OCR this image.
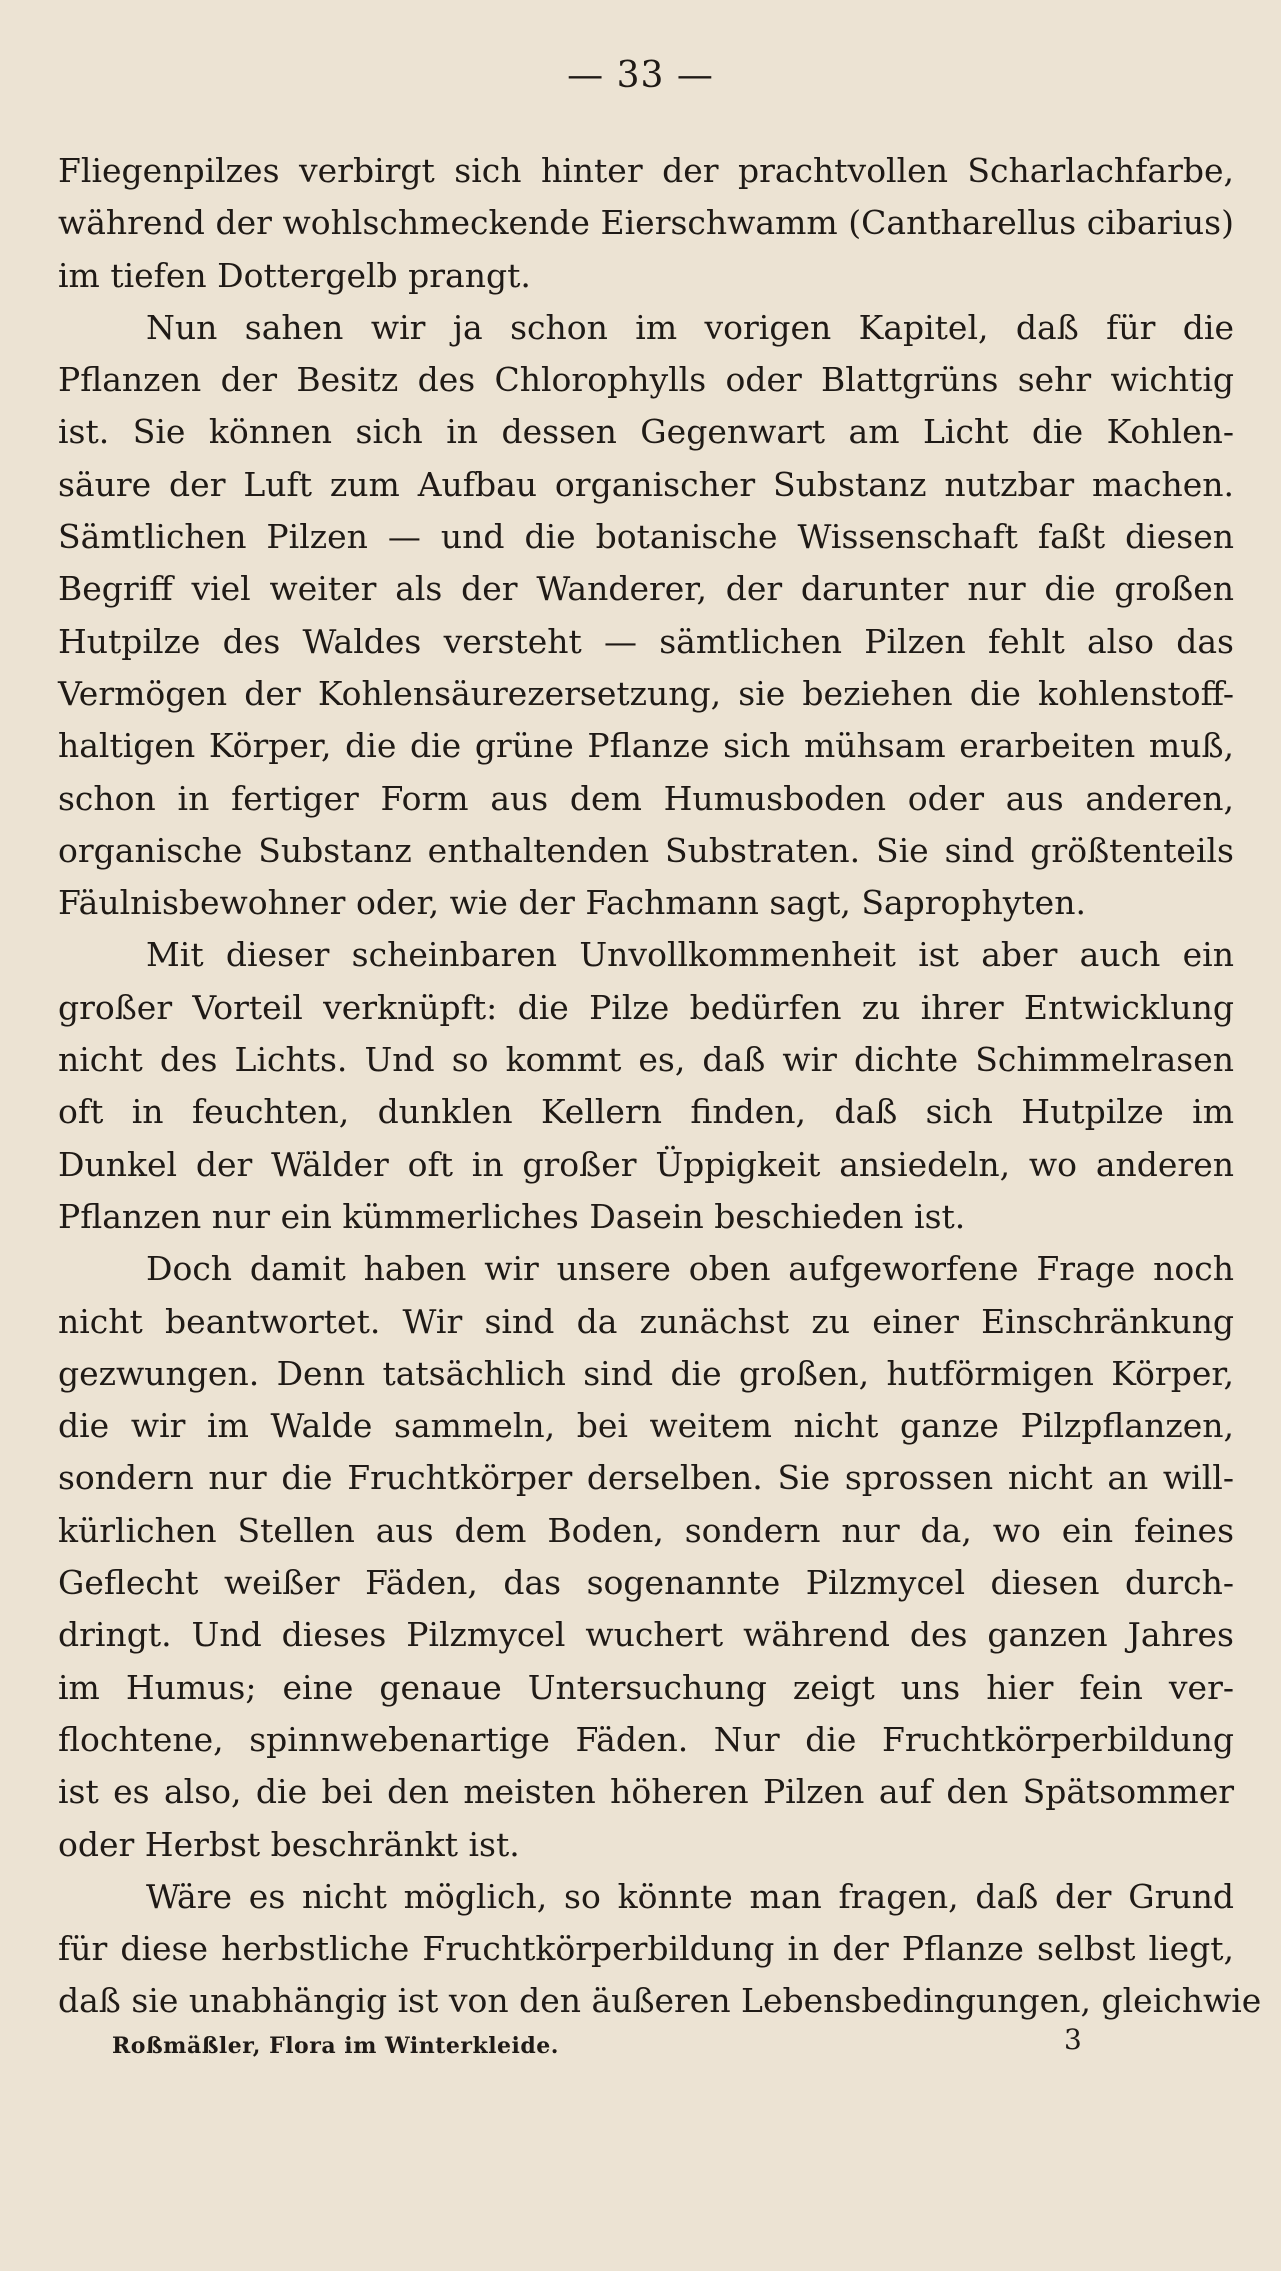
— 33 —
Fliegenpilzes verbirgt sich hinter der prachtvollen Scharlachfarbe,
während der wohlschmeckende Eierschwamm (Cantharellus cibarius)
im tiefen Dottergelb prangt.
Nun sahen wir ja schon im vorigen Kapitel, daß für die
Pflanzen der Besitz des Chlorophylls oder Blattgrüns sehr wichtig
ist. Sie können sich in dessen Gegenwart am Licht die Kohlen-
säure der Luft zum Aufbau organischer Substanz nutzbar machen.
Sämtlichen Pilzen — und die botanische Wissenschaft faßt diesen
Begriff viel weiter als der Wanderer, der darunter nur die großen
Hutpilze des Waldes versteht — sämtlichen Pilzen fehlt also das
Vermögen der Kohlensäurezersetzung, sie beziehen die kohlenstoff-
haltigen Körper, die die grüne Pflanze sich mühsam erarbeiten muß,
schon in fertiger Form aus dem Humusboden oder aus anderen,
organische Substanz enthaltenden Substraten. Sie sind größtenteils
Fäulnisbewohner oder, wie der Fachmann sagt, Saprophyten.
Mit dieser scheinbaren Unvollkommenheit ist aber auch ein
großer Vorteil verknüpft: die Pilze bedürfen zu ihrer Entwicklung
nicht des Lichts. Und so kommt es, daß wir dichte Schimmelrasen
oft in feuchten, dunklen Kellern finden, daß sich Hutpilze im
Dunkel der Wälder oft in großer Üppigkeit ansiedeln, wo anderen
Pflanzen nur ein kümmerliches Dasein beschieden ist.
Doch damit haben wir unsere oben aufgeworfene Frage noch
nicht beantwortet. Wir sind da zunächst zu einer Einschränkung
gezwungen. Denn tatsächlich sind die großen, hutförmigen Körper,
die wir im Walde sammeln, bei weitem nicht ganze Pilzpflanzen,
sondern nur die Fruchtkörper derselben. Sie sprossen nicht an will-
kürlichen Stellen aus dem Boden, sondern nur da, wo ein feines
Geflecht weißer Fäden, das sogenannte Pilzmycel diesen durch-
dringt. Und dieses Pilzmycel wuchert während des ganzen Jahres
im Humus; eine genaue Untersuchung zeigt uns hier fein ver-
flochtene, spinnwebenartige Fäden. Nur die Fruchtkörperbildung
ist es also, die bei den meisten höheren Pilzen auf den Spätsommer
oder Herbst beschränkt ist.
Wäre es nicht möglich, so könnte man fragen, daß der Grund
für diese herbstliche Fruchtkörperbildung in der Pflanze selbst liegt,
daß sie unabhängig ist von den äußeren Lebensbedingungen, gleichwie
Roßmäßler, Flora im Winterkleide.	3
